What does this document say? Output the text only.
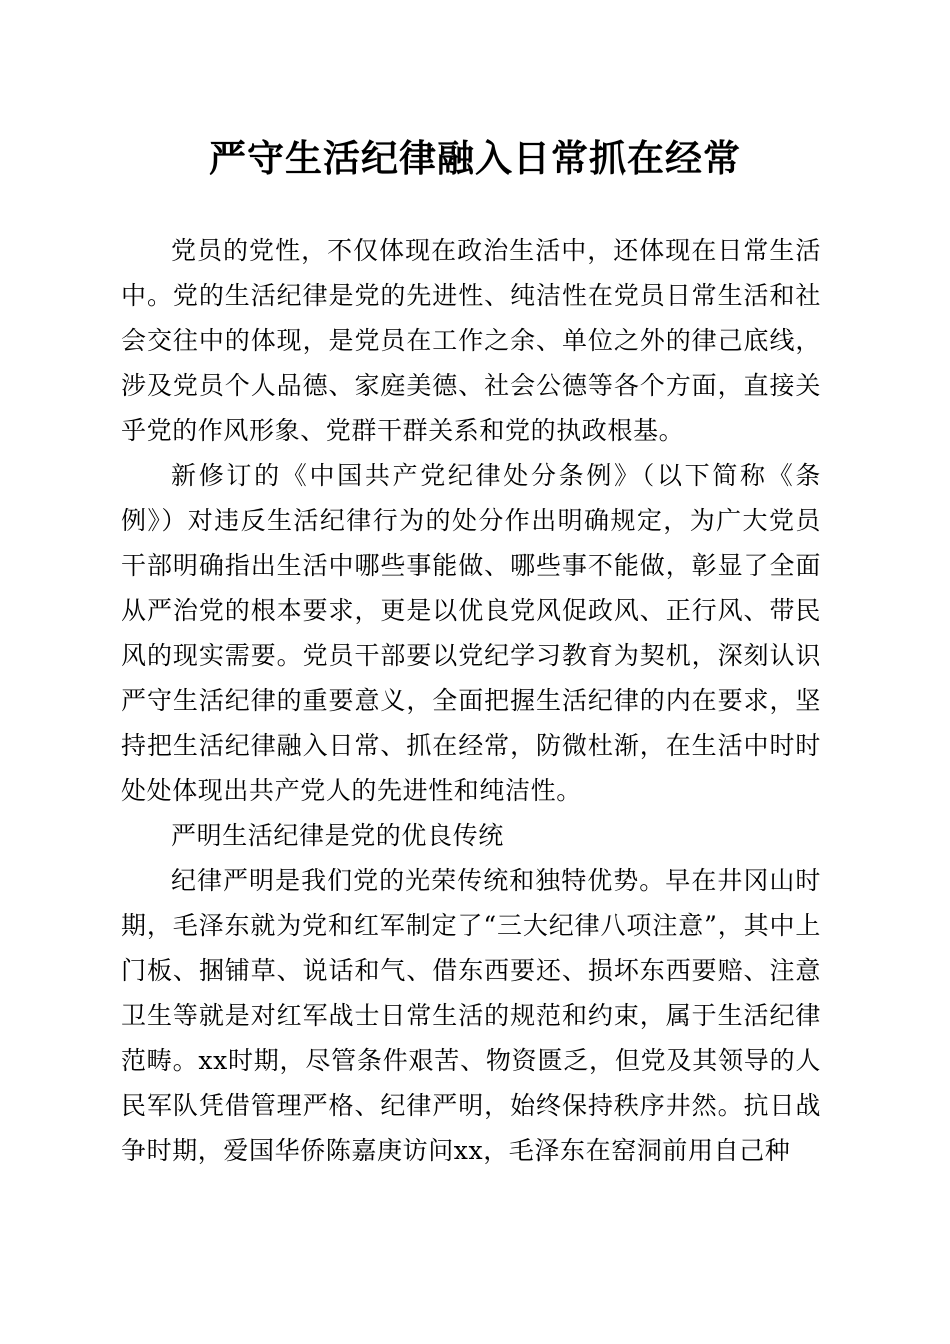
严守生活纪律融入日常抓在经常

党员的党性，不仅体现在政治生活中，还体现在日常生活中。党的生活纪律是党的先进性、纯洁性在党员日常生活和社会交往中的体现，是党员在工作之余、单位之外的律己底线，涉及党员个人品德、家庭美德、社会公德等各个方面，直接关乎党的作风形象、党群干群关系和党的执政根基。

新修订的《中国共产党纪律处分条例》（以下简称《条例》）对违反生活纪律行为的处分作出明确规定，为广大党员干部明确指出生活中哪些事能做、哪些事不能做，彰显了全面从严治党的根本要求，更是以优良党风促政风、正行风、带民风的现实需要。党员干部要以党纪学习教育为契机，深刻认识严守生活纪律的重要意义，全面把握生活纪律的内在要求，坚持把生活纪律融入日常、抓在经常，防微杜渐，在生活中时时处处体现出共产党人的先进性和纯洁性。

严明生活纪律是党的优良传统

纪律严明是我们党的光荣传统和独特优势。早在井冈山时期，毛泽东就为党和红军制定了“三大纪律八项注意”，其中上门板、捆铺草、说话和气、借东西要还、损坏东西要赔、注意卫生等就是对红军战士日常生活的规范和约束，属于生活纪律范畴。xx时期，尽管条件艰苦、物资匮乏，但党及其领导的人民军队凭借管理严格、纪律严明，始终保持秩序井然。抗日战争时期，爱国华侨陈嘉庚访问xx，毛泽东在窑洞前用自己种
